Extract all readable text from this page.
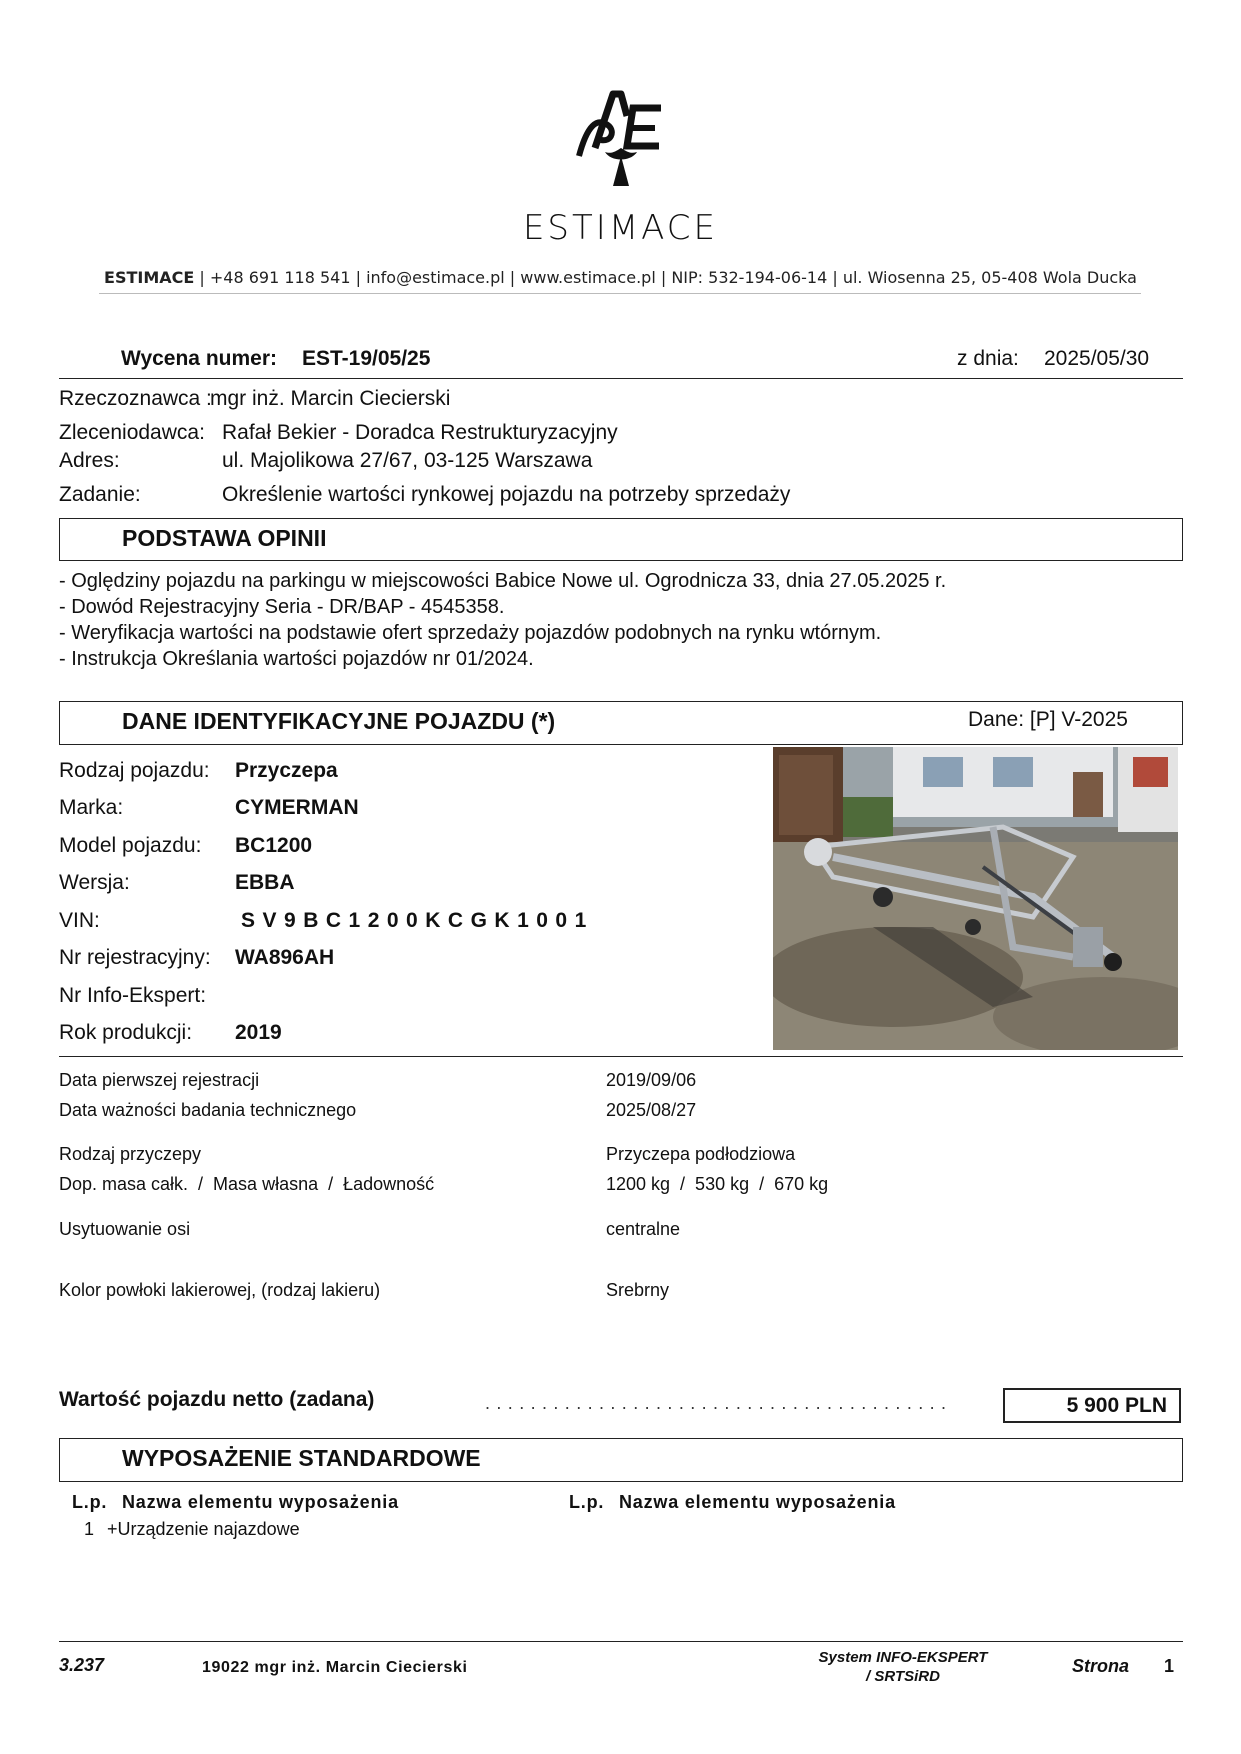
ESTIMACE
ESTIMACE | +48 691 118 541 | info@estimace.pl | www.estimace.pl | NIP: 532-194-06-14 | ul. Wiosenna 25, 05-408 Wola Ducka
Wycena numer: EST-19/05/25	z dnia: 2025/05/30
Rzeczoznawca :
mgr inż. Marcin Ciecierski
Zleceniodawca: Rafał Bekier - Doradca Restrukturyzacyjny
Adres:	ul. Majolikowa 27/67, 03-125 Warszawa
Zadanie:	Określenie wartości rynkowej pojazdu na potrzeby sprzedaży
PODSTAWA OPINII
- Oględziny pojazdu na parkingu w miejscowości Babice Nowe ul. Ogrodnicza 33, dnia 27.05.2025 r.
- Dowód Rejestracyjny Seria - DR/BAP - 4545358.
- Weryfikacja wartości na podstawie ofert sprzedaży pojazdów podobnych na rynku wtórnym.
- Instrukcja Określania wartości pojazdów nr 01/2024.
DANE IDENTYFIKACYJNE POJAZDU (*)	Dane: [P] V-2025
Rodzaj pojazdu: Przyczepa
Marka:	CYMERMAN
Model pojazdu: BC1200
Wersja:	EBBA
VIN:	SV9BC1200KCGK1001
Nr rejestracyjny: WA896AH
Nr Info-Ekspert:
Rok produkcji: 2019
Data pierwszej rejestracji	2019/09/06
Data ważności badania technicznego	2025/08/27
Rodzaj przyczepy	Przyczepa podłodziowa
Dop. masa całk.  /  Masa własna  /  Ładowność	1200 kg  /  530 kg  /  670 kg
Usytuowanie osi	centralne
Kolor powłoki lakierowej, (rodzaj lakieru)	Srebrny
Wartość pojazdu netto (zadana)	.........................................	5 900 PLN
WYPOSAŻENIE STANDARDOWE
L.p. Nazwa elementu wyposażenia	L.p. Nazwa elementu wyposażenia
1 +Urządzenie najazdowe
3.237	19022 mgr inż. Marcin Ciecierski
System INFO-EKSPERT
/ SRTSiRD
Strona 1
